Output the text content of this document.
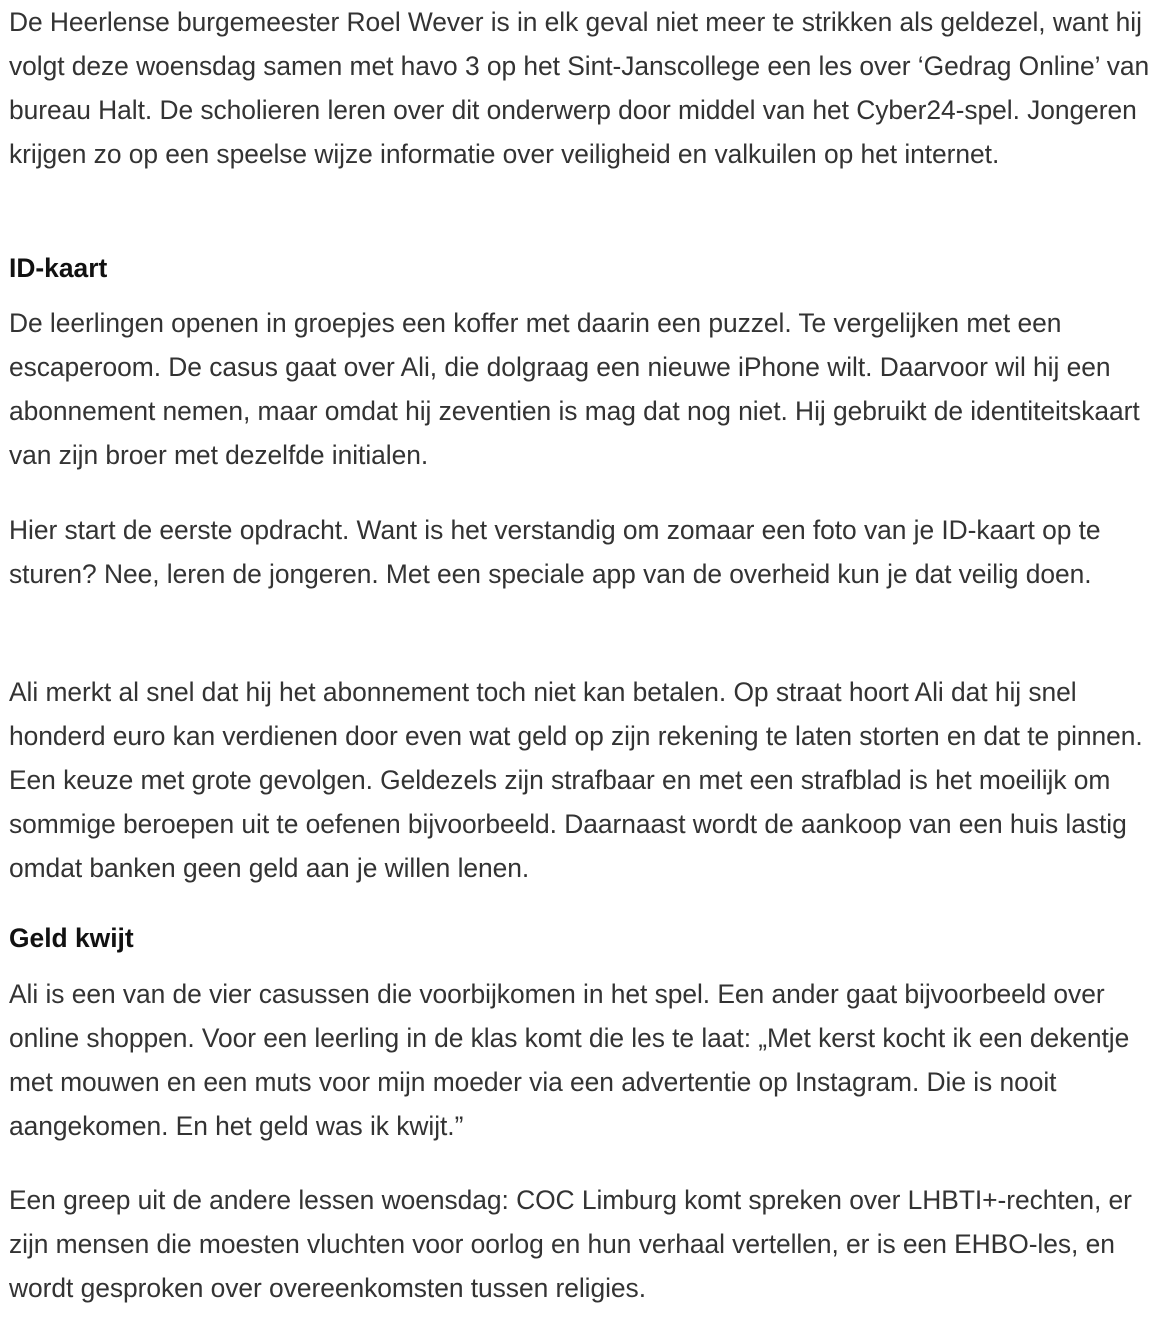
De Heerlense burgemeester Roel Wever is in elk geval niet meer te strikken als geldezel, want hij volgt deze woensdag samen met havo 3 op het Sint-Janscollege een les over ‘Gedrag Online’ van bureau Halt. De scholieren leren over dit onderwerp door middel van het Cyber24-spel. Jongeren krijgen zo op een speelse wijze informatie over veiligheid en valkuilen op het internet.

ID-kaart

De leerlingen openen in groepjes een koffer met daarin een puzzel. Te vergelijken met een escaperoom. De casus gaat over Ali, die dolgraag een nieuwe iPhone wilt. Daarvoor wil hij een abonnement nemen, maar omdat hij zeventien is mag dat nog niet. Hij gebruikt de identiteitskaart van zijn broer met dezelfde initialen.

Hier start de eerste opdracht. Want is het verstandig om zomaar een foto van je ID-kaart op te sturen? Nee, leren de jongeren. Met een speciale app van de overheid kun je dat veilig doen.

Ali merkt al snel dat hij het abonnement toch niet kan betalen. Op straat hoort Ali dat hij snel honderd euro kan verdienen door even wat geld op zijn rekening te laten storten en dat te pinnen. Een keuze met grote gevolgen. Geldezels zijn strafbaar en met een strafblad is het moeilijk om sommige beroepen uit te oefenen bijvoorbeeld. Daarnaast wordt de aankoop van een huis lastig omdat banken geen geld aan je willen lenen.

Geld kwijt

Ali is een van de vier casussen die voorbijkomen in het spel. Een ander gaat bijvoorbeeld over online shoppen. Voor een leerling in de klas komt die les te laat: „Met kerst kocht ik een dekentje met mouwen en een muts voor mijn moeder via een advertentie op Instagram. Die is nooit aangekomen. En het geld was ik kwijt.”

Een greep uit de andere lessen woensdag: COC Limburg komt spreken over LHBTI+-rechten, er zijn mensen die moesten vluchten voor oorlog en hun verhaal vertellen, er is een EHBO-les, en wordt gesproken over overeenkomsten tussen religies.
